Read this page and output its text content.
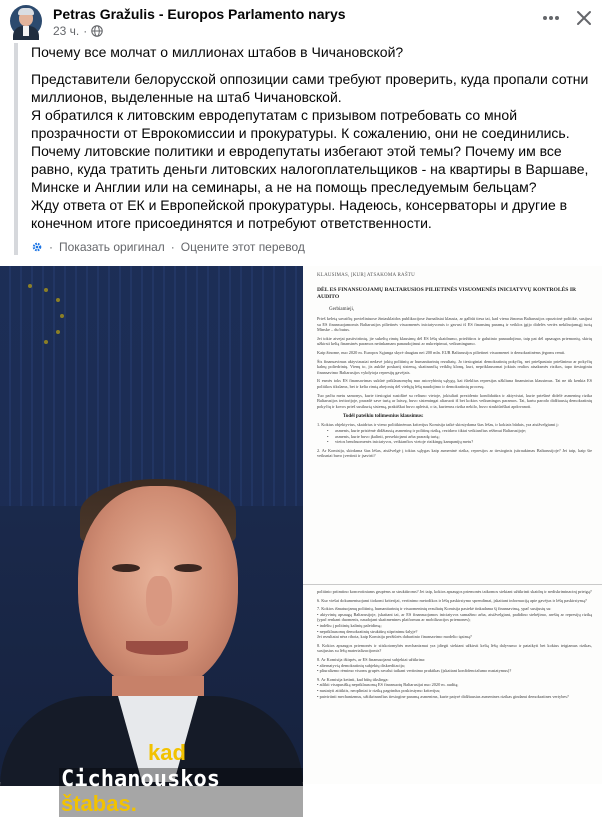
Petras Gražulis - Europos Parlamento narys
23 ч. ·

Почему все молчат о миллионах штабов в Чичановской?

Представители белорусской оппозиции сами требуют проверить, куда пропали сотни миллионов, выделенные на штаб Чичановской.

Я обратился к литовским евродепутатам с призывом потребовать со мной прозрачности от Еврокомиссии и прокуратуры. К сожалению, они не соединились.

Почему литовские политики и евродепутаты избегают этой темы? Почему им все равно, куда тратить деньги литовских налогоплательщиков - на квартиры в Варшаве, Минске и Англии или на семинары, а не на помощь преследуемым бельцам?

Жду ответа от ЕК и Европейской прокуратуры. Надеюсь, консерваторы и другие в конечном итоге присоединятся и потребуют ответственности.

· Показать оригинал · Оцените этот перевод
kad
Cichanouskos štabas.
KLAUSIMAS, [KUR] ATSAKOMA RAŠTU
DĖL ES FINANSUOJAMŲ BALTARUSIOS PILIETINĖS VISUOMENĖS INICIATYVŲ KONTROLĖS IR AUDITO
Gerbiamieji,
Prieš keletą savaičių povieliniuose žiniasklaidos publikacijose žurnalistai klausia, ar galbūt tiesa tai, kad viena žinoma Baltarusijos opozicinė politikė, susijusi su ES finansuojamomis Baltarusijos pilietinės visuomenės iniciatyvomis ir gavusi iš ES finansinę paramą ir veiklos įgijo didelės vertės nekilnojamąjį turtą Minske – du butus.
Jei tokie atvejai pasitvirtintų, jie sukeltų rimtų klausimų dėl ES lėšų skaidrumo, priežiūros ir galutinio panaudojimo, taip pat dėl apsaugos priemonių, skirtų užkirsti kelią finansinės paramos netinkamam panaudojimui ar nukreipimui, veiksmingumo.
Kaip žinome, nuo 2020 m. Europos Sąjunga skyrė daugiau nei 200 mln. EUR Baltarusijos pilietinei visuomenei ir demokratinėms jėgoms remti.
Šis finansavimas aktyviausiai nedavė jokių politinių ar humanitarinių rezultatų. Jo tiesioginiai demokratinių pokyčių, nei priešpastato priešinimo ar pokyčių kalnų poliedrinių. Vienų to, jis aukštė poskartį sistemą, skatinančią veiklių klonų, kuri, nepriklausomai jokiais realios atsaksmės rizikos, tapo tiesioginiu finansavimo Baltarusijos vykdytoja represijų gavėjais.
Iš esmės toks ES finansavimas sukūrė priklausomybę nuo astovybinių sąlygų, kai išteklius represijas užkliuna finansinius klausimus. Tai ne tik kenkia ES politikos tikslams, bet ir kelia rimtą abejonių dėl viešųjų lėšų naudojimo ir demokratinių procesų.
Tuo pačiu metu samonys, kurie tiesiogiai susidūrė su reliuno vietoje, jokiuliatì prezidento kondidatūra ir aktyvistai, kurie priešinė didelė asmeninę rizika Baltarusijos teritorijoje, praradė save turtą ar laisvę, buvo sistemingai aliaruoti iš bet kokios veiksmingos paramos. Tai, kartu parodo didžiausią demokratinių pokyčių ir kovos prieš susikurtą sistemą, praktiškai buvo apleisti, o ta, kuriemss rizika nekilo, buvo struktūriškai apdovanoti.
Todėl pateikiu tolimesnius klausimus:
1. Kokius objektyvius, skaidrius ir vieno politikinėmus kriterijus Komisija taikė skirstydama šias lėšas, ir kokiais būdais, yra atsižvelgiami į:
• asmenis, kurie prisiėmė didžiausią asmeninę ir politinę riziką, rezidavo tiktai veikiančius rėžimui Baltarusijoje;
• asmenis, kurie buvo įkalinti, persekiojami arba praradę turtą;
• vietos bendruomenės iniciatyvos, veikiančios vietoje rizikingų kampanijų metu?
2. Ar Komisija, skirdama šias lėšas, atsižvelgė į tokias sąlygas kaip asmeninė rizika, represijos ar tiesioginis įsitraukimas Baltarusijoje? Jei taip, kaip šie veiksniai buvo įvertinti ir įsavirti?
politinio priimtino konceotiniams grupėms ar struktūroms? Jei taip, kokios apsaugos priemonės taikomos siekiant užtikrinti skaidrų ir nediskriminacinį prieigą?
6. Kur viešai dokumentuojami tiokomi kriterijai, vertinimo metodikos ir lėšų paskirstymo sprendimai, įskaitant informaciją apie gavėjus ir lėšų paskirstymą?
7. Kokios išmatuojamų politinių, humanitarinių ir visuomeninių rezultatų Komisija pasiekė tinkadama šį finansavimą, ypač susijusių su:
• aktyvinių apsaugą Baltarusijoje, įskaitant tai, ar ES finansuojamos iniciatyvos sumažino arba, atsižvelgiant, padidino stebėjimo, areštų ar represijų riziką (ypač renkant duomenis, naudojant skaitmenines platformas ar mobilizacijos priemones);
• indėliu į politinių kalinių paleidimą;
• nepriklausomų demokratinių struktūrų stiprinimu šalyje?
Jei rezultatai nėra ribota, kaip Komisija peržiūrės dabartinio finansavimo modelio tęsimą?
8. Kokios apsaugos priemonės ir stiskotomybės mechanizmai yra įdiegti siekiant užkirsti kelią lėšų dalyvumo ir pataikyti bet kokius teigiamus rizikas, susijusius su lėšų materializacijomis?
8. Ar Komisija ištirpės, ar ES finansuojami subjektai užtikrina:
• alternatyvią demokratinių subjektų diskreditacija;
• pliuralizmo rėmimo visoms grupės ravalui taikant vertinimo praktikas (įskaitant konfidencialumo nustatymus)?
9. Ar Komisija ketinti, kad būtų tikslinga:
• atlikti visapusišką nepriklausomą ES finansuotų Baltarusijai nuo 2020 m. auditą;
• nustatyti atitiktis, neopliniai ir riziką pagrindus poskirstymo kriterijus;
• patvirtinti mechanizmus, užtikrinančius tiesiogine paramą asmenims, kurie patyrė didžiausias asmenines rizikas gindami demokratines vertybes?
